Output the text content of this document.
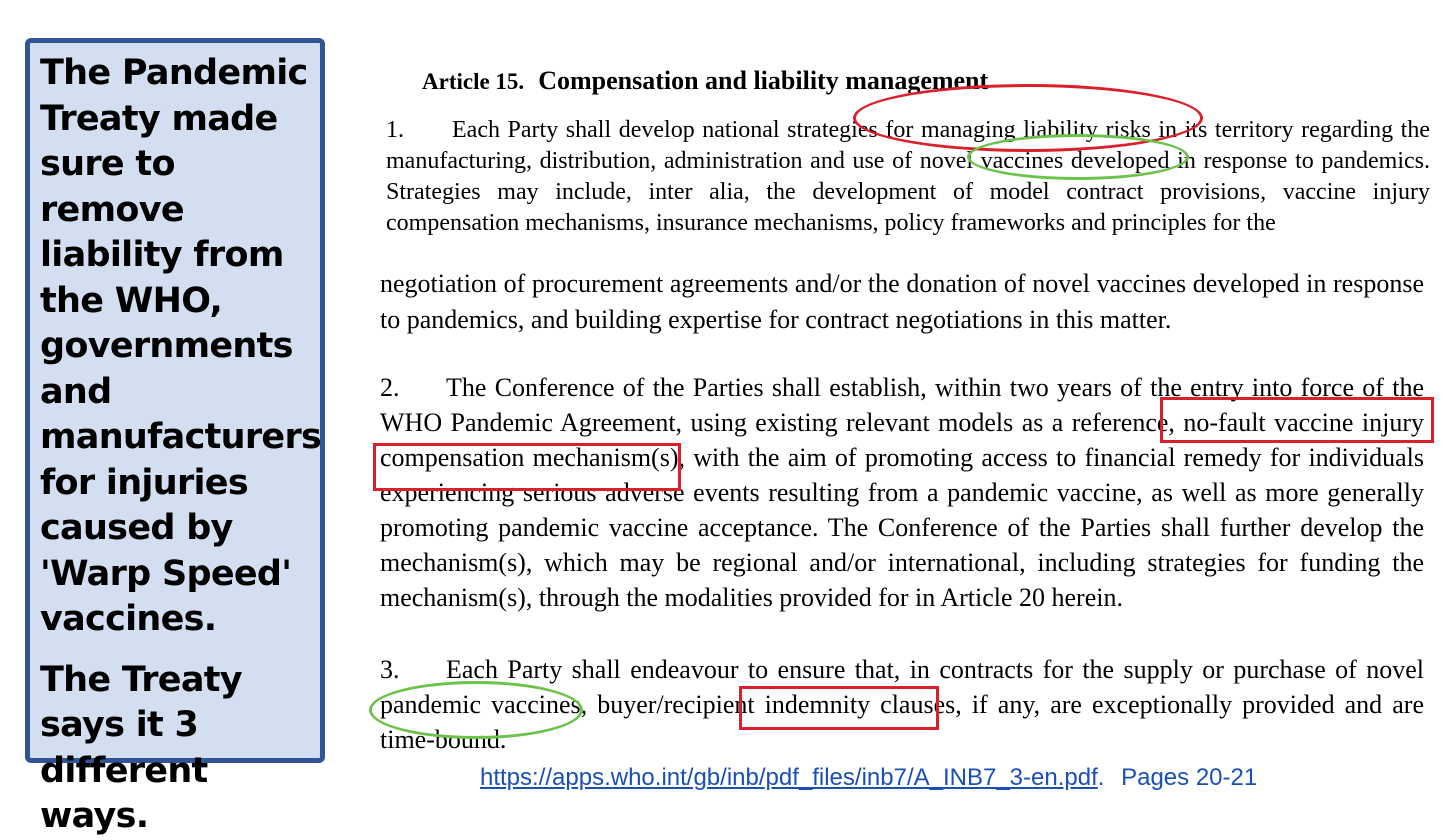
The Pandemic Treaty made sure to remove liability from the WHO, governments and manufacturers for injuries caused by 'Warp Speed' vaccines.

The Treaty says it 3 different ways.

Article 15. Compensation and liability management
1. Each Party shall develop national strategies for managing liability risks in its territory regarding the manufacturing, distribution, administration and use of novel vaccines developed in response to pandemics. Strategies may include, inter alia, the development of model contract provisions, vaccine injury compensation mechanisms, insurance mechanisms, policy frameworks and principles for the
negotiation of procurement agreements and/or the donation of novel vaccines developed in response to pandemics, and building expertise for contract negotiations in this matter.
2. The Conference of the Parties shall establish, within two years of the entry into force of the WHO Pandemic Agreement, using existing relevant models as a reference, no-fault vaccine injury compensation mechanism(s), with the aim of promoting access to financial remedy for individuals experiencing serious adverse events resulting from a pandemic vaccine, as well as more generally promoting pandemic vaccine acceptance. The Conference of the Parties shall further develop the mechanism(s), which may be regional and/or international, including strategies for funding the mechanism(s), through the modalities provided for in Article 20 herein.
3. Each Party shall endeavour to ensure that, in contracts for the supply or purchase of novel pandemic vaccines, buyer/recipient indemnity clauses, if any, are exceptionally provided and are time-bound.
https://apps.who.int/gb/inb/pdf_files/inb7/A_INB7_3-en.pdf. Pages 20-21
